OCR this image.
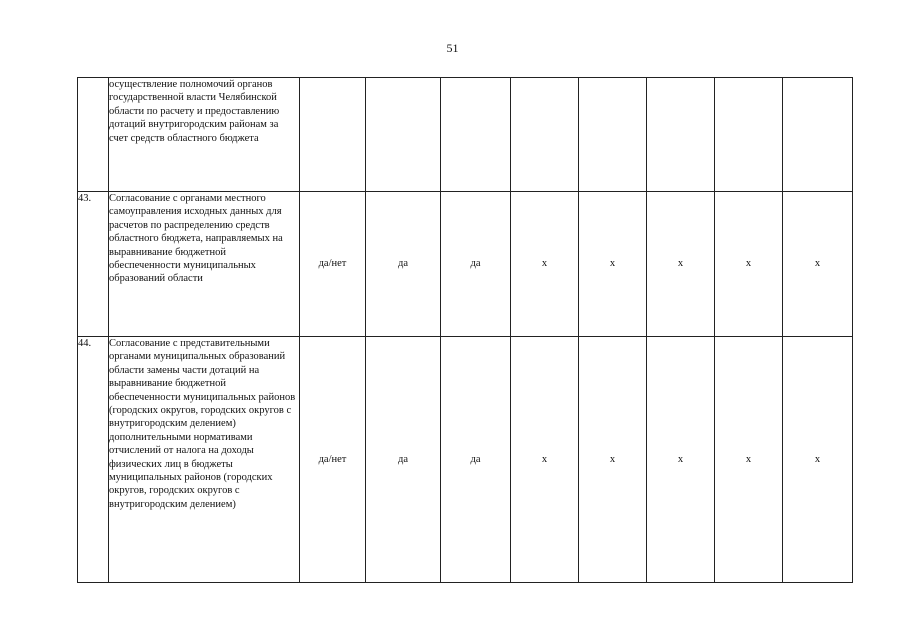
51
	осуществление полномочий органов государственной власти Челябинской области по расчету и предоставлению дотаций внутригородским районам за счет средств областного бюджета								
43.	Согласование с органами местного самоуправления исходных данных для расчетов по распределению средств областного бюджета, направляемых на выравнивание бюджетной обеспеченности муниципальных образований области	да/нет	да	да	х	х	х	х	х
44.	Согласование с представительными органами муниципальных образований области замены части дотаций на выравнивание бюджетной обеспеченности муниципальных районов (городских округов, городских округов с внутригородским делением) дополнительными нормативами отчислений от налога на доходы физических лиц в бюджеты муниципальных районов (городских округов, городских округов с внутригородским делением)	да/нет	да	да	х	х	х	х	х
